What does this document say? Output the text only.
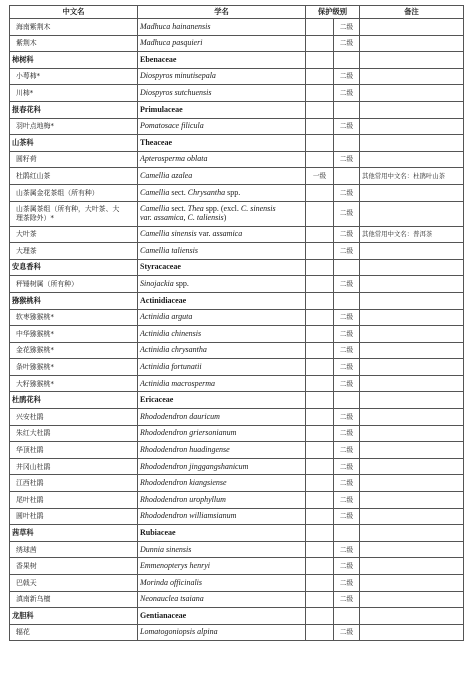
中文名	学名	保护级别		备注
海南紫荆木	Madhuca hainanensis		二级	
紫荆木	Madhuca pasquieri		二级	
柿树科	Ebenaceae			
小萼柿*	Diospyros minutisepala		二级	
川柿*	Diospyros sutchuensis		二级	
报春花科	Primulaceae			
羽叶点地梅*	Pomatosace filicula		二级	
山茶科	Theaceae			
圆籽荷	Apterosperma oblata		二级	
杜鹃红山茶	Camellia azalea	一级		其他常用中文名：杜鹃叶山茶
山茶属金花茶组（所有种）	Camellia sect. Chrysantha spp.		二级	
山茶属茶组（所有种，大叶茶、大
理茶除外）*	Camellia sect. Thea spp. (excl. C. sinensis
var. assamica, C. taliensis)		二级	
大叶茶	Camellia sinensis var. assamica		二级	其他常用中文名：普洱茶
大理茶	Camellia taliensis		二级	
安息香科	Styracaceae			
秤锤树属（所有种）	Sinojackia spp.		二级	
猕猴桃科	Actinidiaceae			
软枣猕猴桃*	Actinidia arguta		二级	
中华猕猴桃*	Actinidia chinensis		二级	
金花猕猴桃*	Actinidia chrysantha		二级	
条叶猕猴桃*	Actinidia fortunatii		二级	
大籽猕猴桃*	Actinidia macrosperma		二级	
杜鹃花科	Ericaceae			
兴安杜鹃	Rhododendron dauricum		二级	
朱红大杜鹃	Rhododendron griersonianum		二级	
华顶杜鹃	Rhododendron huadingense		二级	
井冈山杜鹃	Rhododendron jinggangshanicum		二级	
江西杜鹃	Rhododendron kiangsiense		二级	
尾叶杜鹃	Rhododendron urophyllum		二级	
圆叶杜鹃	Rhododendron williamsianum		二级	
茜草科	Rubiaceae			
绣球茜	Dunnia sinensis		二级	
香果树	Emmenopterys henryi		二级	
巴戟天	Morinda officinalis		二级	
滇南新乌檀	Neonauclea tsaiana		二级	
龙胆科	Gentianaceae			
辐花	Lomatogoniopsis alpina		二级	
